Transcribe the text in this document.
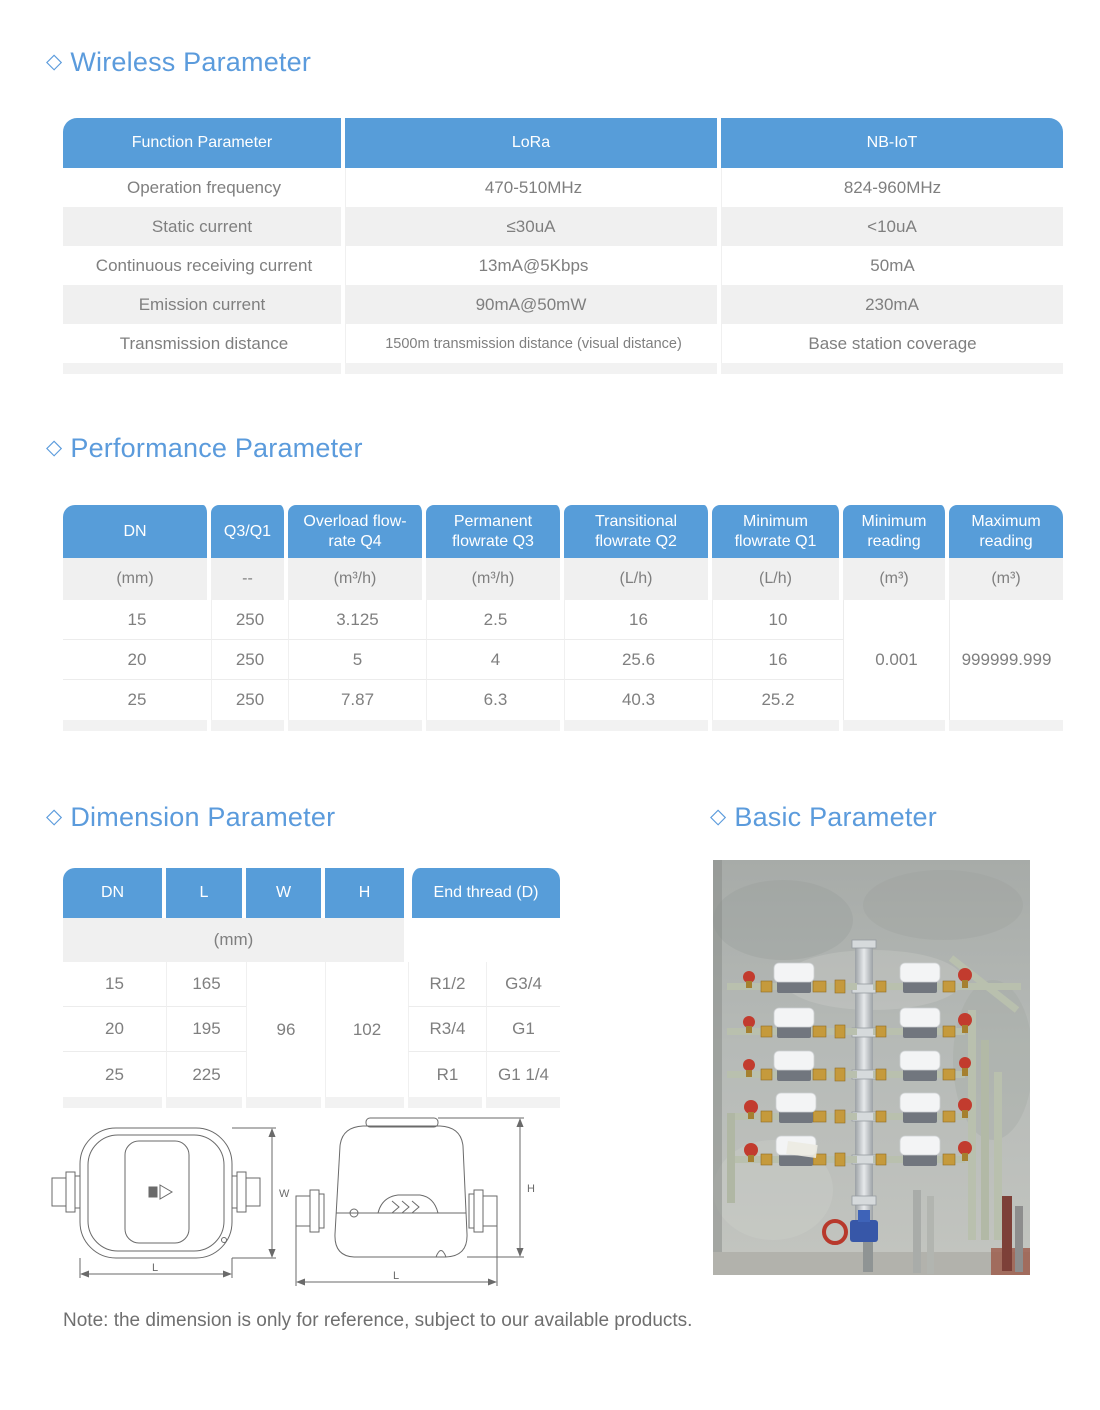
◇ Wireless Parameter
Function Parameter	LoRa	NB-IoT
Operation frequency	470-510MHz	824-960MHz
Static current	≤30uA	<10uA
Continuous receiving current	13mA@5Kbps	50mA
Emission current	90mA@50mW	230mA
Transmission distance	1500m transmission distance (visual distance)	Base station coverage

◇ Performance Parameter
DN	Q3/Q1	Overload flow-rate Q4	Permanent flowrate Q3	Transitional flowrate Q2	Minimum flowrate Q1	Minimum reading	Maximum reading
(mm)	--	(m³/h)	(m³/h)	(L/h)	(L/h)	(m³)	(m³)
15	250	3.125	2.5	16	10	0.001	999999.999
20	250	5	4	25.6	16		
25	250	7.87	6.3	40.3	25.2		

◇ Dimension Parameter	◇ Basic Parameter
DN	L	W	H	End thread (D)	
(mm)					
15	165	96	102	R1/2	G3/4
20	195			R3/4	G1
25	225			R1	G1 1/4

W
L
H
L
Note: the dimension is only for reference, subject to our available products.
